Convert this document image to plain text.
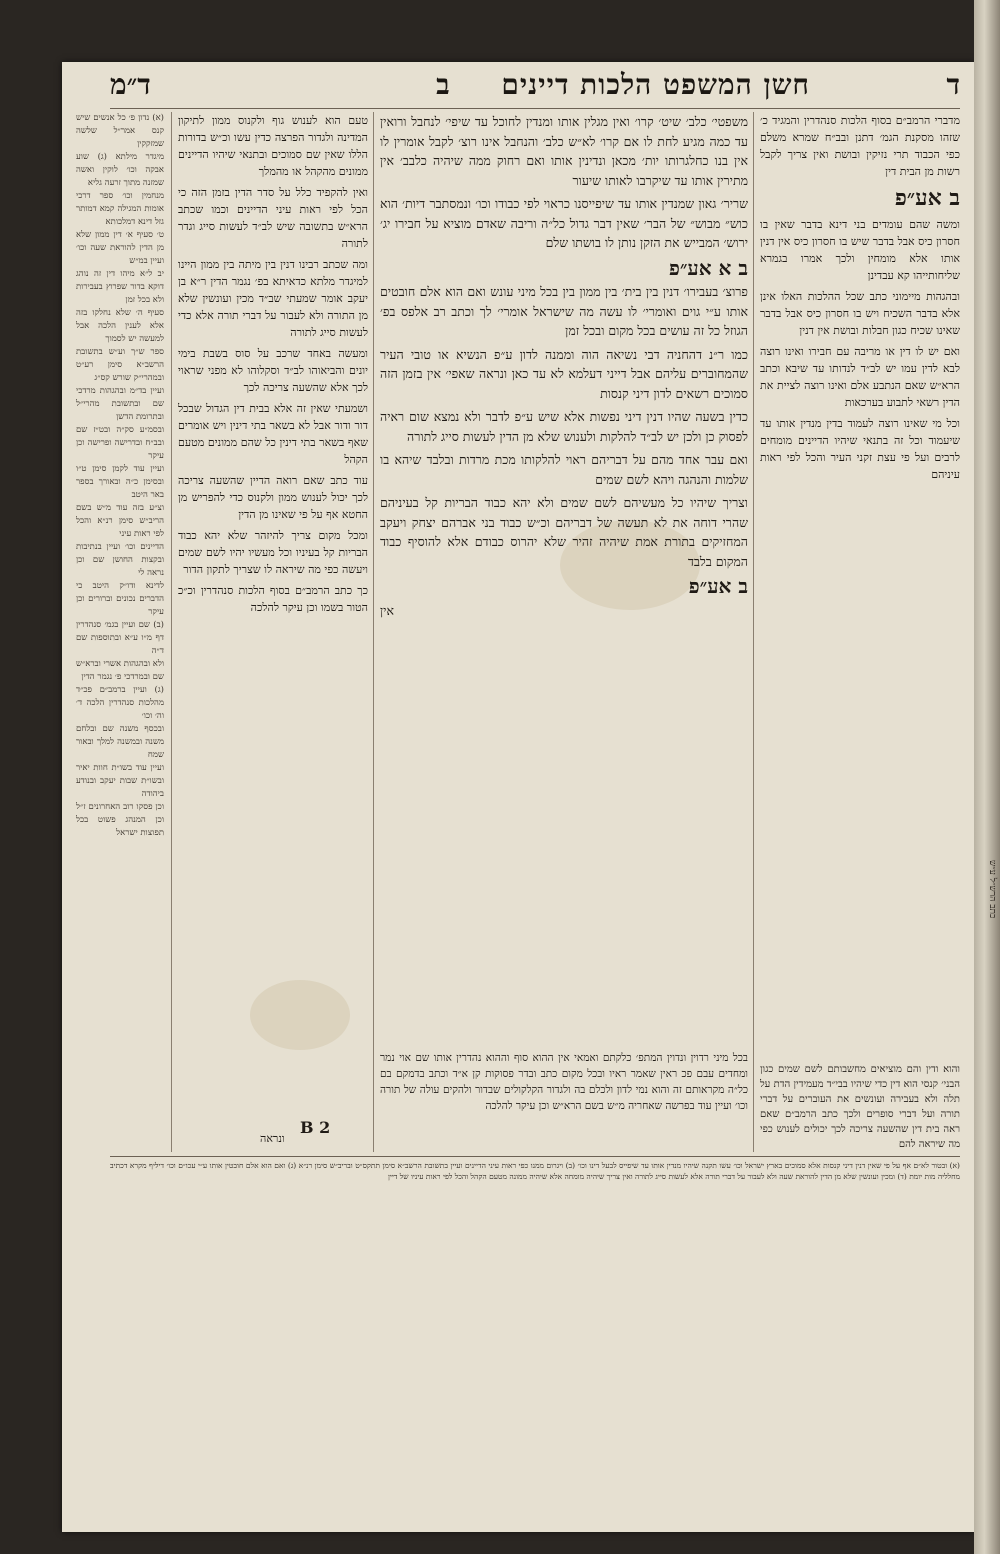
ד
חשן המשפט הלכות דיינים ב
ד״מ

מדברי הרמב״ם בסוף הלכות סנהדרין והמגיד כ׳ שזהו מסקנת הגמ׳ דתנן ובב״ח שמרא משלם כפי הכבוד תרי נזיקין ובושת ואין צריך לקבל רשות מן הבית דין

ב אע״פ

ומשה שהם עומדים בני דינא בדבר שאין בו חסרון כיס אבל בדבר שיש בו חסרון כיס אין דנין אותו אלא מומחין ולכך אמרו בגמרא שליחותייהו קא עבדינן

ובהגהות מיימוני כתב שכל ההלכות האלו אינן אלא בדבר השכיח ויש בו חסרון כיס אבל בדבר שאינו שכיח כגון חבלות ובושת אין דנין

ואם יש לו דין או מריבה עם חבירו ואינו רוצה לבא לדין עמו יש לב״ד לנדותו עד שיבא וכתב הרא״ש שאם הנתבע אלם ואינו רוצה לציית את הדין רשאי לתבוע בערכאות

וכל מי שאינו רוצה לעמוד בדין מנדין אותו עד שיעמוד וכל זה בתנאי שיהיו הדיינים מומחים לרבים ועל פי עצת זקני העיר והכל לפי ראות עיניהם

משפטי׳ כלב׳ שיט׳ קרו׳ ואין מגלין אותו ומנדין לחוכל עד שיפי׳ לנחבל ורואין עד כמה מגיע לחת לו אם קרו׳ לא״ש כלב׳ והנחבל אינו רוצ׳ לקבל אומרין לו אין בנו כחלגרותו יות׳ מכאן ונדינין אותו ואם רחוק ממה שיהיה כלבב׳ אין מתירין אותו עד שיקרבו לאותו שיעור

שריר׳ גאון שמנדין אותו עד שיפייסנו כראוי לפי כבודו וכו׳ ונמסתבר דיות׳ הוא כוש״ מבוש״ של הבר׳ שאין דבר גדול כל״ה וריבה שאדם מוציא על חבירו יג׳ ירוש׳ המבייש את הזקן נותן לו בושתו שלם

ב א אע״פ

פרוצ׳ בעבירו׳ דנין בין בית׳ בין ממון בין בכל מיני עונש ואם הוא אלם חובטים אותו ע״י גוים ואומרי׳ לו עשה מה שישראל אומרי׳ לך וכתב רב אלפס בפ׳ הגוזל כל זה עושים בכל מקום ובכל זמן

כמו ר״נ דהחניה דבי נשיאה הוה וממנה לדון ע״פ הנשיא או טובי העיר שהמחוברים עליהם אבל דייני דעלמא לא עד כאן ונראה שאפי׳ אין בזמן הזה סמוכים רשאים לדון דיני קנסות

כדין בשעה שהיו דנין דיני נפשות אלא שיש ע״פ לדבר ולא נמצא שום ראיה לפסוק כן ולכן יש לב״ד להלקות ולענוש שלא מן הדין לעשות סייג לתורה

ואם עבר אחד מהם על דבריהם ראוי להלקותו מכת מרדות ובלבד שיהא בו שלמות והנהגה ויהא לשם שמים

וצריך שיהיו כל מעשיהם לשם שמים ולא יהא כבוד הבריות קל בעיניהם שהרי דוחה את לא תעשה של דבריהם וכ״ש כבוד בני אברהם יצחק ויעקב המחזיקים בתורת אמת שיהיה זהיר שלא יהרוס כבודם אלא להוסיף כבוד המקום בלבד

ב אע״פ

אין

טעם הוא לענוש גוף ולקנוס ממון לתיקון המדינה ולגדור הפרצה כדין עשו וכ״ש בדורות הללו שאין שם סמוכים ובתנאי שיהיו הדיינים ממונים מהקהל או מהמלך

ואין להקפיד כלל על סדר הדין בזמן הזה כי הכל לפי ראות עיני הדיינים וכמו שכתב הרא״ש בתשובה שיש לב״ד לעשות סייג וגדר לתורה

ומה שכתב רבינו דנין בין מיתה בין ממון היינו למיגדר מלתא כדאיתא בפ׳ נגמר הדין ר״א בן יעקב אומר שמעתי שב״ד מכין ועונשין שלא מן התורה ולא לעבור על דברי תורה אלא כדי לעשות סייג לתורה

ומעשה באחד שרכב על סוס בשבת בימי יונים והביאוהו לב״ד וסקלוהו לא מפני שראוי לכך אלא שהשעה צריכה לכך

ושמעתי שאין זה אלא בבית דין הגדול שבכל דור ודור אבל לא בשאר בתי דינין ויש אומרים שאף בשאר בתי דינין כל שהם ממונים מטעם הקהל

עוד כתב שאם רואה הדיין שהשעה צריכה לכך יכול לענוש ממון ולקנוס כדי להפריש מן החטא אף על פי שאינו מן הדין

ומכל מקום צריך להיזהר שלא יהא כבוד הבריות קל בעיניו וכל מעשיו יהיו לשם שמים ויעשה כפי מה שיראה לו שצריך לתקון הדור

כך כתב הרמב״ם בסוף הלכות סנהדרין וכ״כ הטור בשמו וכן עיקר להלכה

(א) נדון פ׳ כל אנשים שיש קנס אמר״ל שלשה שמזקקין
מיגדר מילתא (ג) שוע אבקה וכו׳ לוקין ואשה שמזנה מתוך זרעה גליא
מנחמין וכו׳ ספר דרכי אומות המגילה קמא דמותר גזל דינא דמלכותא
ט׳ סעיף א׳ דין ממון שלא מן הדין להוראת שעה וכו׳ ועיין במ״ש
יב ל״א מיהו דין זה נוהג דוקא בדור שפרוץ בעבירות ולא בכל זמן
סעיף ה׳ שלא נחלקו בזה אלא לענין הלכה אבל למעשה יש לסמוך
ספר ש״ך וע״ש בתשובת הרשב״א סימן רע״ט ובמהרי״ק שורש קס״ג
ועיין בד״מ ובהגהות מרדכי שם ובתשובת מהרי״ל ובתרומת הדשן
ובסמ״ע סק״ה ובט״ז שם ובב״ח ובדרישה ופרישה וכן עיקר
ועיין עוד לקמן סימן ט״ו ובסימן כ״ה ובאורך בספר באר היטב
וצ״ע בזה עוד מ״ש בשם הריב״ש סימן רנ״א והכל לפי ראות עיני
הדיינים וכו׳ ועיין בנתיבות ובקצות החושן שם וכן נראה לי
לדינא ודו״ק היטב כי הדברים נכונים וברורים וכן עיקר
(ב) שם ועיין בגמ׳ סנהדרין דף מ״ו ע״א ובתוספות שם ד״ה
ולא ובהגהות אשרי וברא״ש שם ובמרדכי פ׳ נגמר הדין
(ג) ועיין ברמב״ם פכ״ד מהלכות סנהדרין הלכה ד׳ וה׳ וכו׳
ובכסף משנה שם ובלחם משנה ובמשנה למלך ובאור שמח
ועיין עוד בשו״ת חוות יאיר ובשו״ת שבות יעקב ובנודע ביהודה
וכן פסקו רוב האחרונים ז״ל וכן המנהג פשוט בכל תפוצות ישראל

בכל מיני רדוין ונדוין המתפ׳ כלקתם ואמאי אין ההוא סוף וההוא נהדרין אותו שם אוי נמר ומחדים עבם פכ ראין שאמר ראיו ובכל מקום כתב ובדר פסוקות קן א״ד וכתב בדמקם בם כל״ה מקראותם זה והוא נמי לדון ולכלם בה ולגדור הקלקולים שבדור ולהקים עולה של תורה וכו׳ ועיין עוד בפרשה שאחריה מ״ש בשם הרא״ש וכן עיקר להלכה

והוא ודין והם מוציאים מחשבותם לשם שמים כגון הבני׳ קנסי הוא דין כדי שיהיו בבי״ד מעמידין הדת על תלה ולא בעבירה ועונשים את העוברים על דברי תורה ועל דברי סופרים ולכך כתב הרמב״ם שאם ראה בית דין שהשעה צריכה לכך יכולים לענוש כפי מה שיראה להם

B 2
ונראה
(א) ובטור לא״ם אף על פי שאין דנין דיני קנסות אלא סמוכים בארץ ישראל וכו׳ עשו תקנה שיהיו מנדין אותו עד שיפייס לבעל דינו וכו׳ (ב) ויגרום ממנו כפי ראות עיני הדיינים ועיין בתשובת הרשב״א סימן תתקס״ט ובריב״ש סימן רנ״א (ג) ואם הוא אלם חובטין אותו ע״י עכו״ם וכו׳ דיליף מקרא דכתיב מחלליה מות יומת (ד) ומכין ועונשין שלא מן הדין להוראת שעה ולא לעבור על דברי תורה אלא לעשות סייג לתורה ואין צריך שיהיה מומחה אלא שיהיה ממונה מטעם הקהל והכל לפי ראות עיניו של דיין
כתב הרש״ל ע״ש
